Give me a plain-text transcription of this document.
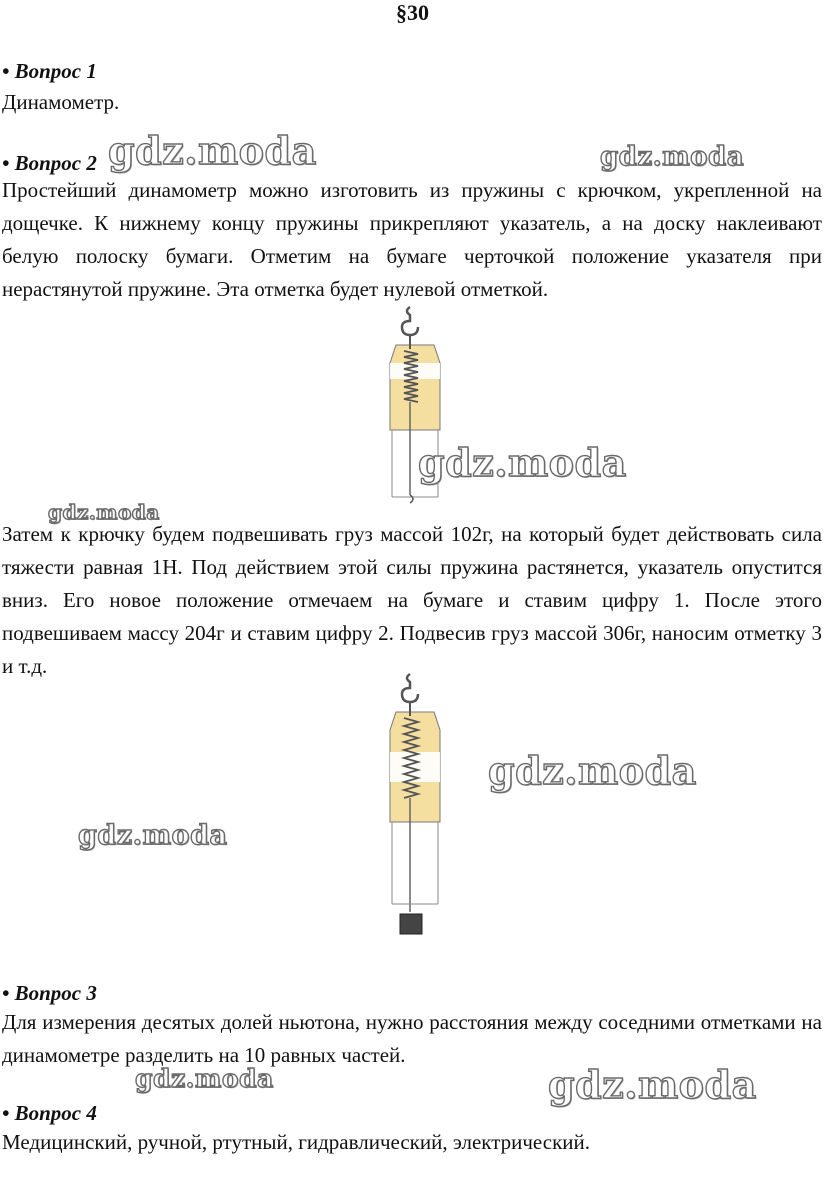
§30
• Вопрос 1
Динамометр.
• Вопрос 2
Простейший динамометр можно изготовить из пружины с крючком, укрепленной на дощечке. К нижнему концу пружины прикрепляют указатель, а на доску наклеивают белую полоску бумаги. Отметим на бумаге черточкой положение указателя при нерастянутой пружине. Эта отметка будет нулевой отметкой.
Затем к крючку будем подвешивать груз массой 102г, на который будет действовать сила тяжести равная 1Н. Под действием этой силы пружина растянется, указатель опустится вниз. Его новое положение отмечаем на бумаге и ставим цифру 1. После этого подвешиваем массу 204г и ставим цифру 2. Подвесив груз массой 306г, наносим отметку 3 и т.д.
• Вопрос 3
Для измерения десятых долей ньютона, нужно расстояния между соседними отметками на динамометре разделить на 10 равных частей.
• Вопрос 4
Медицинский, ручной, ртутный, гидравлический, электрический.
gdz.moda	gdz.moda
gdz.moda
gdz.moda
gdz.moda
gdz.moda
gdz.moda	gdz.moda
